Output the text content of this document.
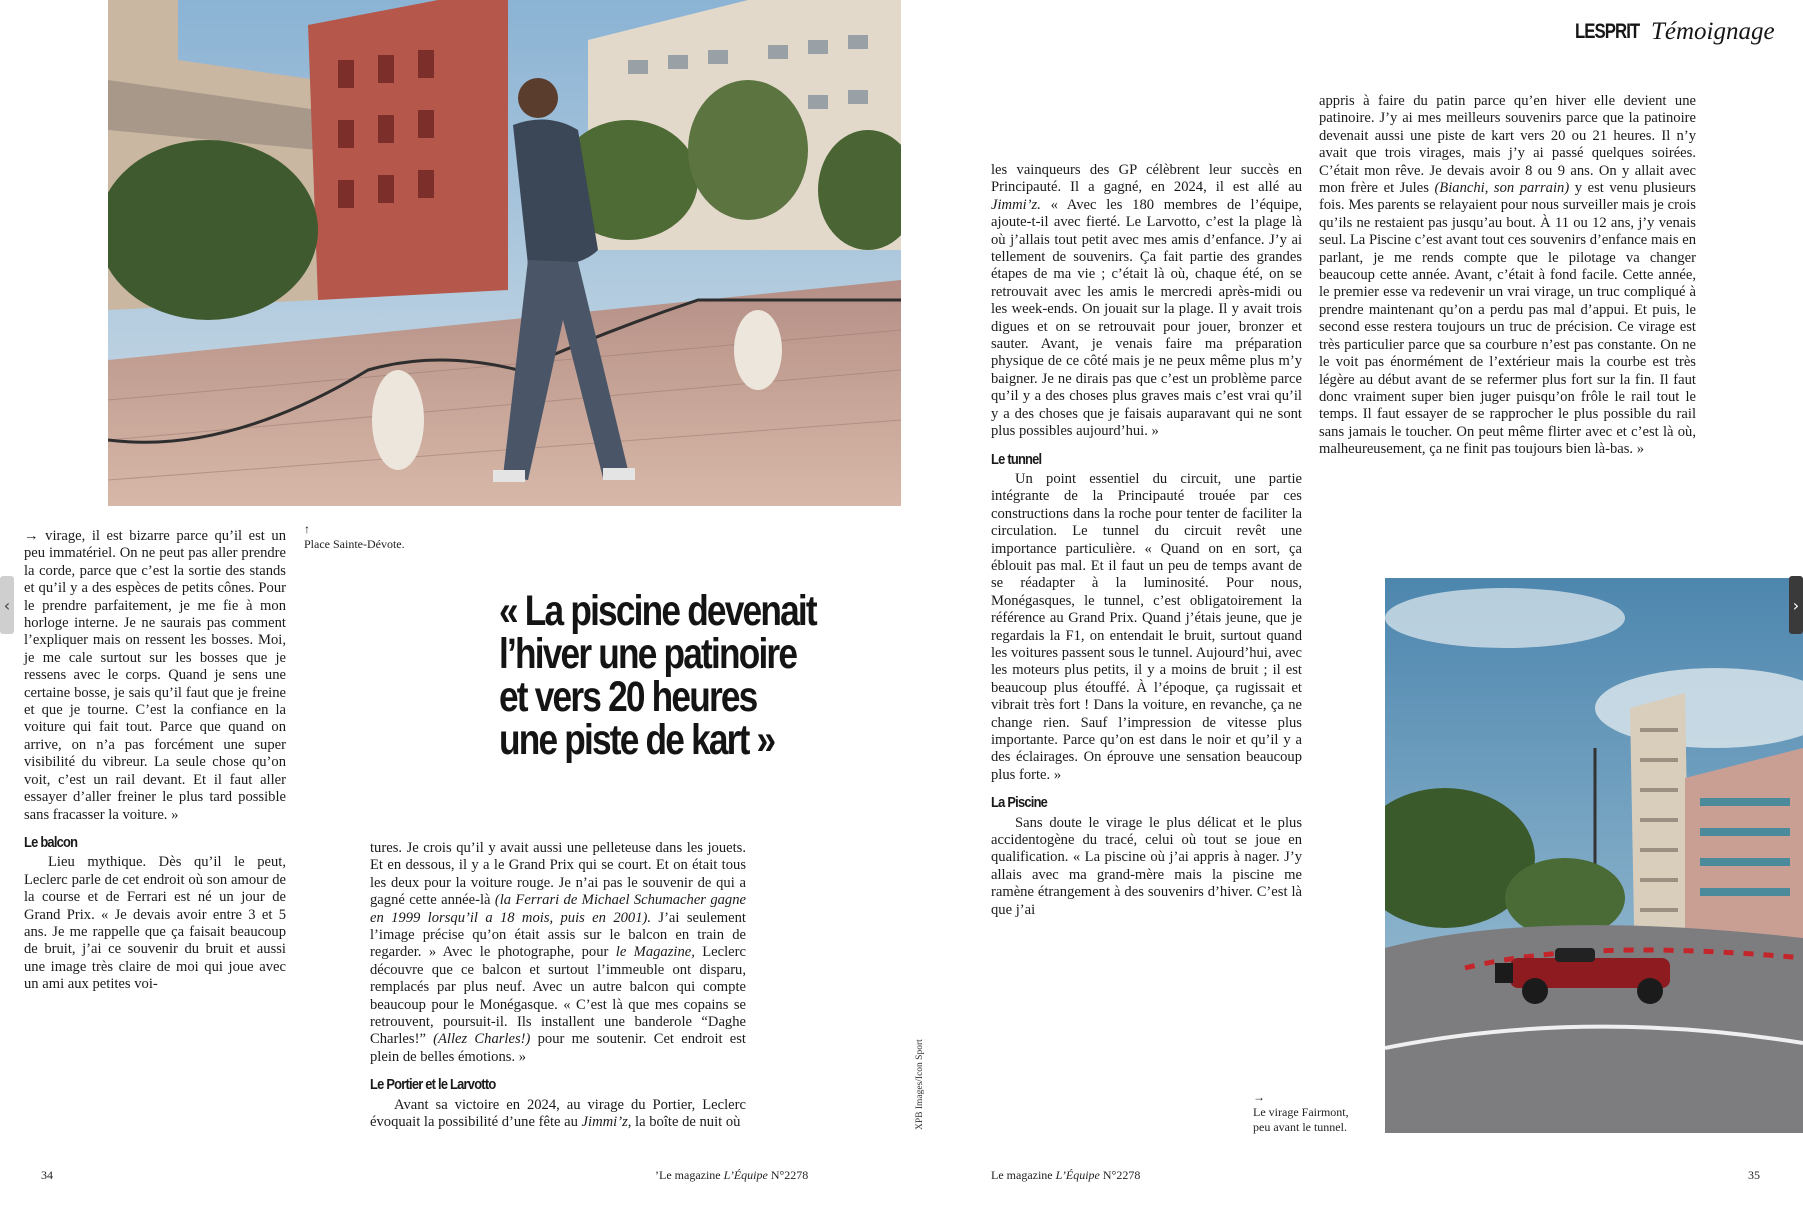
LESPRIT Témoignage
↑
Place Sainte-Dévote.
→
Le virage Fairmont,
peu avant le tunnel.
XPB Images/Icon Sport
« La piscine devenait
l’hiver une patinoire
et vers 20 heures
une piste de kart »

→ virage, il est bizarre parce qu’il est un peu immatériel. On ne peut pas aller prendre la corde, parce que c’est la sortie des stands et qu’il y a des espèces de petits cônes. Pour le prendre parfaitement, je me fie à mon horloge interne. Je ne saurais pas comment l’expliquer mais on ressent les bosses. Moi, je me cale surtout sur les bosses que je ressens avec le corps. Quand je sens une certaine bosse, je sais qu’il faut que je freine et que je tourne. C’est la confiance en la voiture qui fait tout. Parce que quand on arrive, on n’a pas forcément une super visibilité du vibreur. La seule chose qu’on voit, c’est un rail devant. Et il faut aller essayer d’aller freiner le plus tard possible sans fracasser la voiture. »

Le balcon

Lieu mythique. Dès qu’il le peut, Leclerc parle de cet endroit où son amour de la course et de Ferrari est né un jour de Grand Prix. « Je devais avoir entre 3 et 5 ans. Je me rappelle que ça faisait beaucoup de bruit, j’ai ce souvenir du bruit et aussi une image très claire de moi qui joue avec un ami aux petites voi-

tures. Je crois qu’il y avait aussi une pelleteuse dans les jouets. Et en dessous, il y a le Grand Prix qui se court. Et on était tous les deux pour la voiture rouge. Je n’ai pas le souvenir de qui a gagné cette année-là (la Ferrari de Michael Schumacher gagne en 1999 lorsqu’il a 18 mois, puis en 2001). J’ai seulement l’image précise qu’on était assis sur le balcon en train de regarder. » Avec le photographe, pour le Magazine, Leclerc découvre que ce balcon et surtout l’immeuble ont disparu, remplacés par plus neuf. Avec un autre balcon qui compte beaucoup pour le Monégasque. « C’est là que mes copains se retrouvent, poursuit-il. Ils installent une banderole “Daghe Charles!” (Allez Charles!) pour me soutenir. Cet endroit est plein de belles émotions. »

Le Portier et le Larvotto

Avant sa victoire en 2024, au virage du Portier, Leclerc évoquait la possibilité d’une fête au Jimmi’z, la boîte de nuit où

les vainqueurs des GP célèbrent leur succès en Principauté. Il a gagné, en 2024, il est allé au Jimmi’z. « Avec les 180 membres de l’équipe, ajoute-t-il avec fierté. Le Larvotto, c’est la plage là où j’allais tout petit avec mes amis d’enfance. J’y ai tellement de souvenirs. Ça fait partie des grandes étapes de ma vie ; c’était là où, chaque été, on se retrouvait avec les amis le mercredi après-midi ou les week-ends. On jouait sur la plage. Il y avait trois digues et on se retrouvait pour jouer, bronzer et sauter. Avant, je venais faire ma préparation physique de ce côté mais je ne peux même plus m’y baigner. Je ne dirais pas que c’est un problème parce qu’il y a des choses plus graves mais c’est vrai qu’il y a des choses que je faisais auparavant qui ne sont plus possibles aujourd’hui. »

Le tunnel

Un point essentiel du circuit, une partie intégrante de la Principauté trouée par ces constructions dans la roche pour tenter de faciliter la circulation. Le tunnel du circuit revêt une importance particulière. « Quand on en sort, ça éblouit pas mal. Et il faut un peu de temps avant de se réadapter à la luminosité. Pour nous, Monégasques, le tunnel, c’est obligatoirement la référence au Grand Prix. Quand j’étais jeune, que je regardais la F1, on entendait le bruit, surtout quand les voitures passent sous le tunnel. Aujourd’hui, avec les moteurs plus petits, il y a moins de bruit ; il est beaucoup plus étouffé. À l’époque, ça rugissait et vibrait très fort ! Dans la voiture, en revanche, ça ne change rien. Sauf l’impression de vitesse plus importante. Parce qu’on est dans le noir et qu’il y a des éclairages. On éprouve une sensation beaucoup plus forte. »

La Piscine

Sans doute le virage le plus délicat et le plus accidentogène du tracé, celui où tout se joue en qualification. « La piscine où j’ai appris à nager. J’y allais avec ma grand-mère mais la piscine me ramène étrangement à des souvenirs d’hiver. C’est là que j’ai

appris à faire du patin parce qu’en hiver elle devient une patinoire. J’y ai mes meilleurs souvenirs parce que la patinoire devenait aussi une piste de kart vers 20 ou 21 heures. Il n’y avait que trois virages, mais j’y ai passé quelques soirées. C’était mon rêve. Je devais avoir 8 ou 9 ans. On y allait avec mon frère et Jules (Bianchi, son parrain) y est venu plusieurs fois. Mes parents se relayaient pour nous surveiller mais je crois qu’ils ne restaient pas jusqu’au bout. À 11 ou 12 ans, j’y venais seul. La Piscine c’est avant tout ces souvenirs d’enfance mais en parlant, je me rends compte que le pilotage va changer beaucoup cette année. Avant, c’était à fond facile. Cette année, le premier esse va redevenir un vrai virage, un truc compliqué à prendre maintenant qu’on a perdu pas mal d’appui. Et puis, le second esse restera toujours un truc de précision. Ce virage est très particulier parce que sa courbure n’est pas constante. On ne le voit pas énormément de l’extérieur mais la courbe est très légère au début avant de se refermer plus fort sur la fin. Il faut donc vraiment super bien juger puisqu’on frôle le rail tout le temps. Il faut essayer de se rapprocher le plus possible du rail sans jamais le toucher. On peut même flirter avec et c’est là où, malheureusement, ça ne finit pas toujours bien là-bas. »

34	’Le magazine L’Équipe N°2278	Le magazine L’Équipe N°2278	35
‹	›
